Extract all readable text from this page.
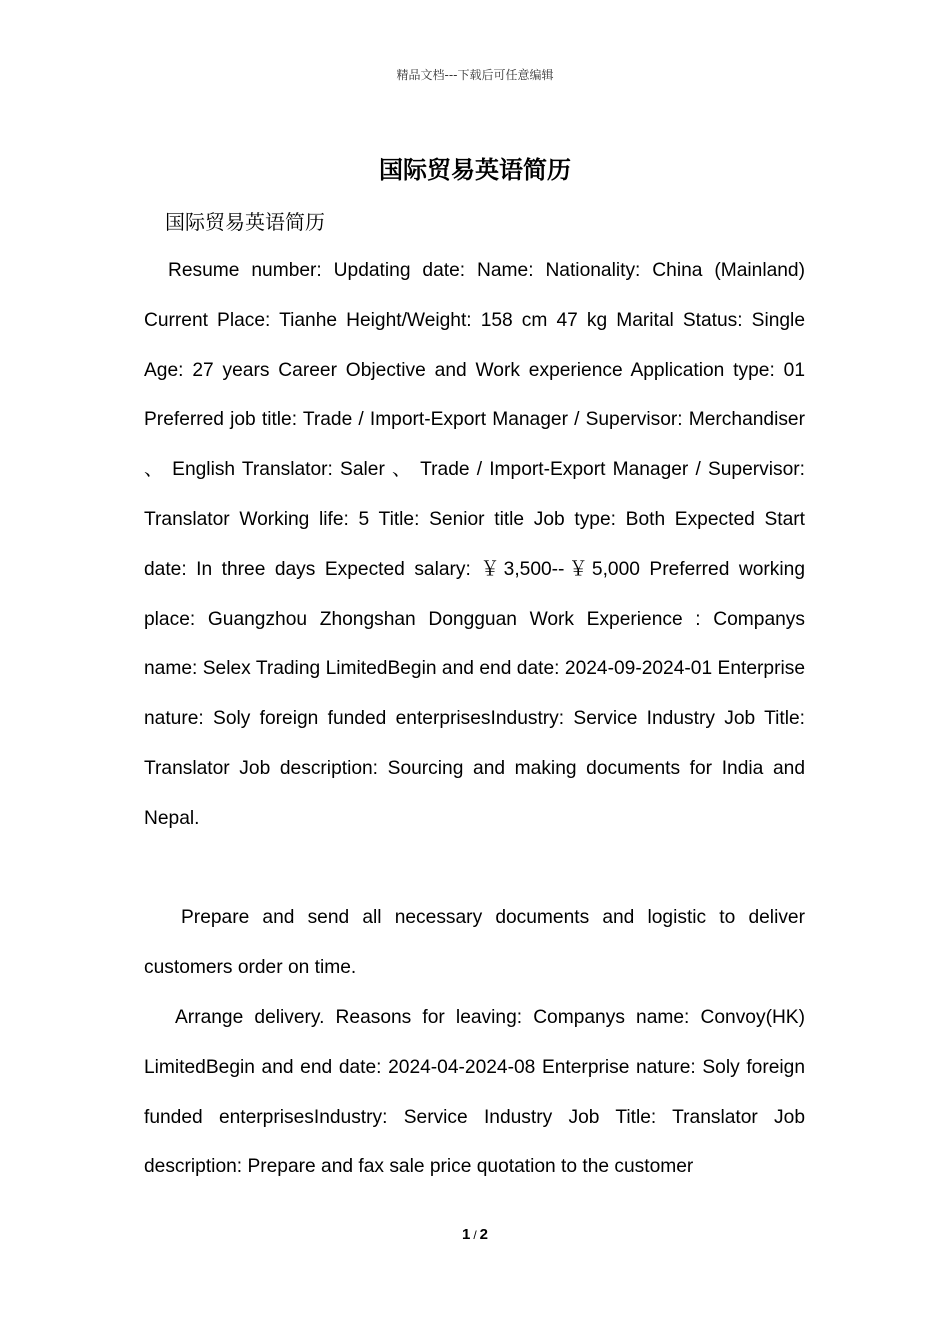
精品文档---下载后可任意编辑
国际贸易英语简历
国际贸易英语简历

Resume number: Updating date: Name: Nationality: China (Mainland) Current Place: Tianhe Height/Weight: 158 cm 47 kg Marital Status: Single Age: 27 years Career Objective and Work experience Application type: 01 Preferred job title: Trade / Import-Export Manager / Supervisor: Merchandiser 、 English Translator: Saler 、 Trade / Import-Export Manager / Supervisor: Translator Working life: 5 Title: Senior title Job type: Both Expected Start date: In three days Expected salary: ￥3,500--￥5,000 Preferred working place: Guangzhou Zhongshan Dongguan Work Experience : Companys name: Selex Trading LimitedBegin and end date: 2024-09-2024-01 Enterprise nature: Soly foreign funded enterprisesIndustry: Service Industry Job Title: Translator Job description: Sourcing and making documents for India and Nepal.

Prepare and send all necessary documents and logistic to deliver customers order on time.

Arrange delivery. Reasons for leaving: Companys name: Convoy(HK) LimitedBegin and end date: 2024-04-2024-08 Enterprise nature: Soly foreign funded enterprisesIndustry: Service Industry Job Title: Translator Job description: Prepare and fax sale price quotation to the customer

1 / 2
